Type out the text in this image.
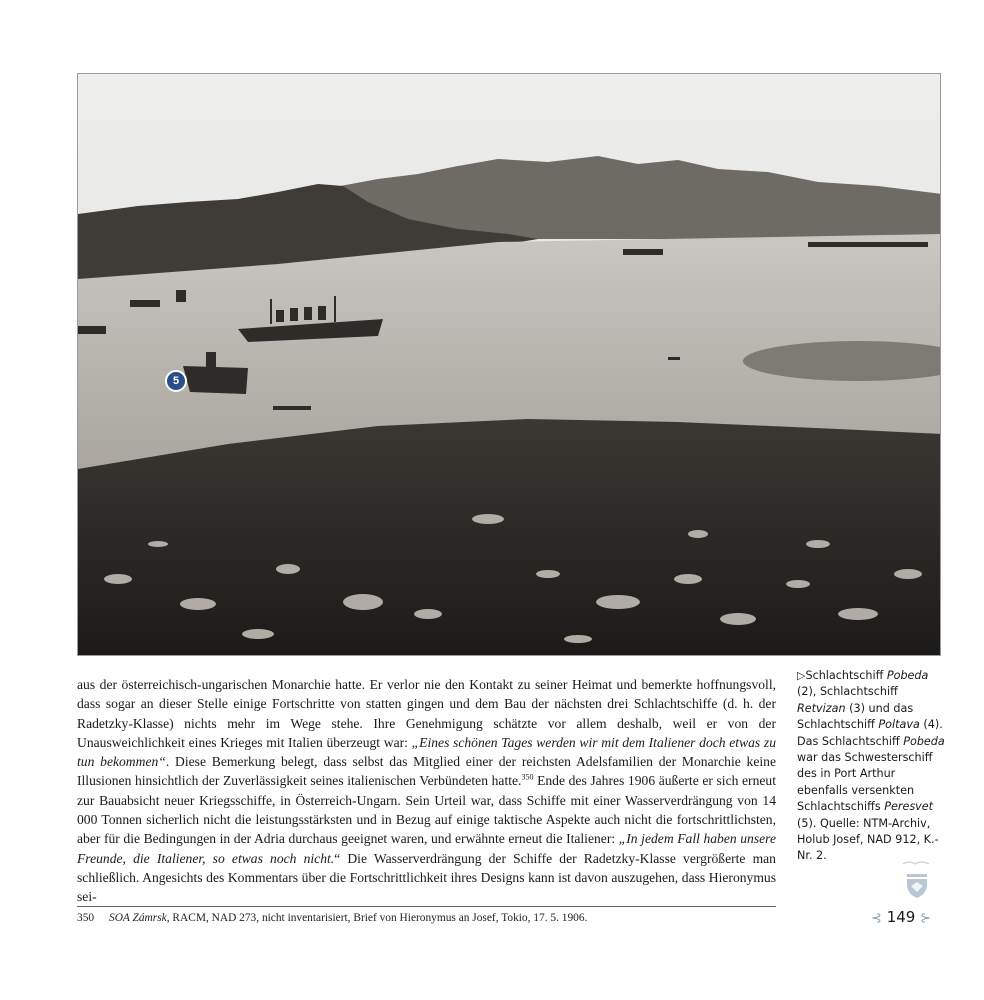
5

aus der österreichisch-ungarischen Monarchie hatte. Er verlor nie den Kontakt zu seiner Heimat und bemerkte hoffnungsvoll, dass sogar an dieser Stelle einige Fortschritte von statten gingen und dem Bau der nächsten drei Schlachtschiffe (d. h. der Radetzky-Klasse) nichts mehr im Wege stehe. Ihre Genehmigung schätzte vor allem deshalb, weil er von der Unausweichlichkeit eines Krieges mit Italien überzeugt war: „Eines schönen Tages werden wir mit dem Italiener doch etwas zu tun bekommen“. Diese Bemerkung belegt, dass selbst das Mitglied einer der reichsten Adelsfamilien der Monarchie keine Illusionen hinsichtlich der Zuverlässigkeit seines italienischen Verbündeten hatte.$^{350}$ Ende des Jahres 1906 äußerte er sich erneut zur Bauabsicht neuer Kriegsschiffe, in Österreich-Ungarn. Sein Urteil war, dass Schiffe mit einer Wasserverdrängung von 14 000 Tonnen sicherlich nicht die leistungsstärksten und in Bezug auf einige taktische Aspekte auch nicht die fortschrittlichsten, aber für die Bedingungen in der Adria durchaus geeignet waren, und erwähnte erneut die Italiener: „In jedem Fall haben unsere Freunde, die Italiener, so etwas noch nicht.“ Die Wasserverdrängung der Schiffe der Radetzky-Klasse vergrößerte man schließlich. Angesichts des Kommentars über die Fortschrittlichkeit ihres Designs kann ist davon auszugehen, dass Hieronymus sei-

350 SOA Zámrsk, RACM, NAD 273, nicht inventarisiert, Brief von Hieronymus an Josef, Tokio, 17. 5. 1906.

▷Schlachtschiff Pobeda (2), Schlachtschiff Retvizan (3) und das Schlachtschiff Poltava (4). Das Schlachtschiff Pobeda war das Schwesterschiff des in Port Arthur ebenfalls versenkten Schlachtschiffs Peresvet (5). Quelle: NTM-Archiv, Holub Josef, NAD 912, K.-Nr. 2.

⊰ 149 ⊱
